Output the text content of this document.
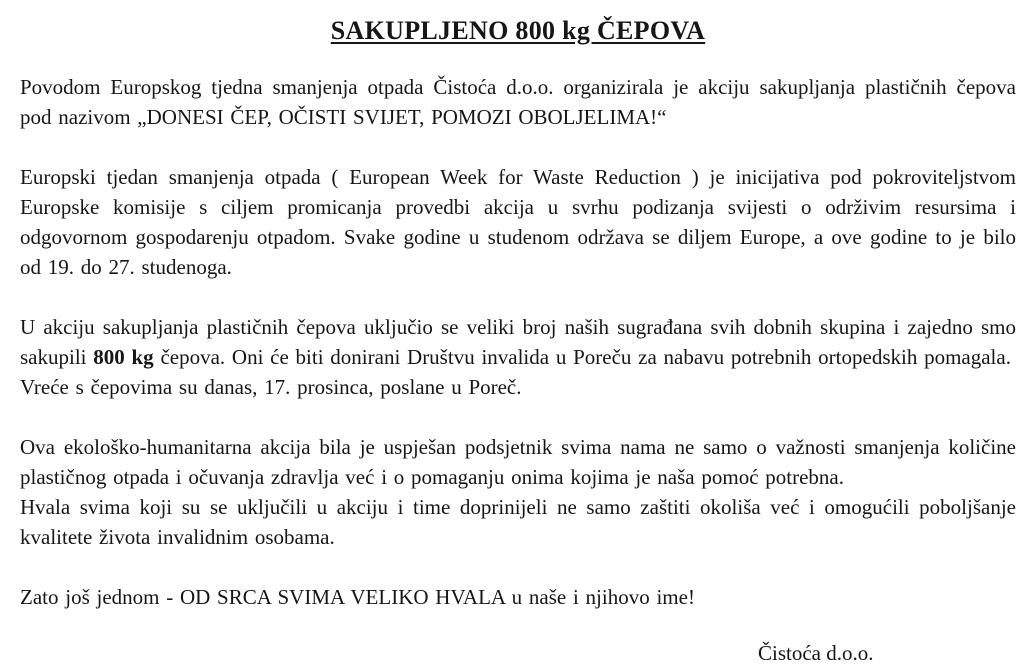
SAKUPLJENO 800 kg ČEPOVA

Povodom Europskog tjedna smanjenja otpada Čistoća d.o.o. organizirala je akciju sakupljanja plastičnih čepova pod nazivom „DONESI ČEP, OČISTI SVIJET, POMOZI OBOLJELIMA!“

Europski tjedan smanjenja otpada ( European Week for Waste Reduction ) je inicijativa pod pokroviteljstvom Europske komisije s ciljem promicanja provedbi akcija u svrhu podizanja svijesti o održivim resursima i odgovornom gospodarenju otpadom. Svake godine u studenom održava se diljem Europe, a ove godine to je bilo od 19. do 27. studenoga.

U akciju sakupljanja plastičnih čepova uključio se veliki broj naših sugrađana svih dobnih skupina i zajedno smo sakupili 800 kg čepova. Oni će biti donirani Društvu invalida u Poreču za nabavu potrebnih ortopedskih pomagala.

Vreće s čepovima su danas, 17. prosinca, poslane u Poreč.

Ova ekološko-humanitarna akcija bila je uspješan podsjetnik svima nama ne samo o važnosti smanjenja količine plastičnog otpada i očuvanja zdravlja već i o pomaganju onima kojima je naša pomoć potrebna.

Hvala svima koji su se uključili u akciju i time doprinijeli ne samo zaštiti okoliša već i omogućili poboljšanje kvalitete života invalidnim osobama.

Zato još jednom - OD SRCA SVIMA VELIKO HVALA u naše i njihovo ime!

Čistoća d.o.o.
